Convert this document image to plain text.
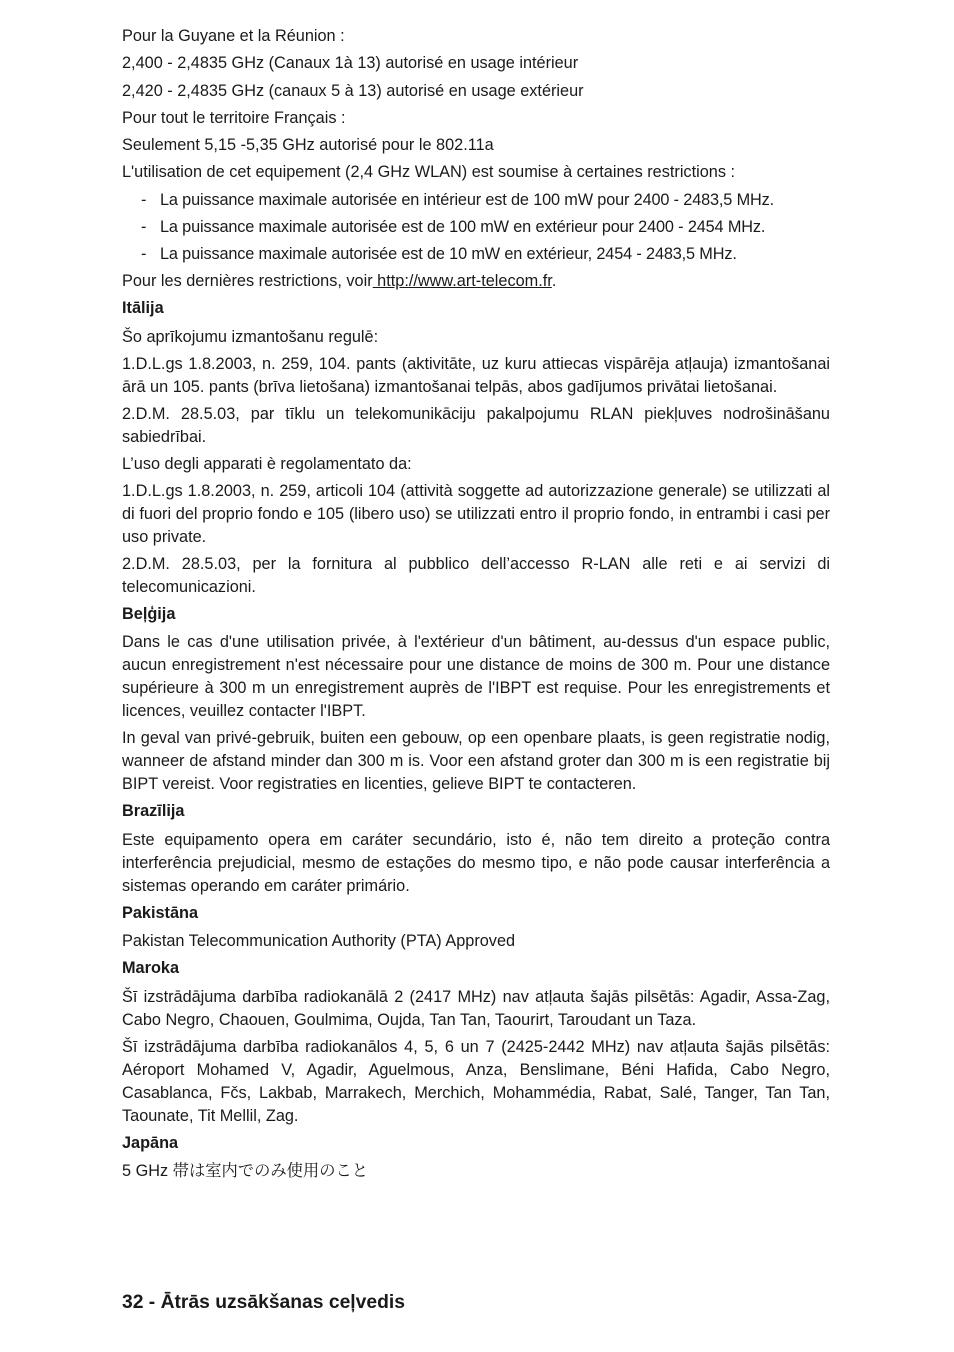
Pour la Guyane et la Réunion :

2,400 - 2,4835 GHz (Canaux 1à 13) autorisé en usage intérieur

2,420 - 2,4835 GHz (canaux 5 à 13) autorisé en usage extérieur

Pour tout le territoire Français :

Seulement 5,15 -5,35 GHz autorisé pour le 802.11a

L'utilisation de cet equipement (2,4 GHz WLAN) est soumise à certaines restrictions :

- La puissance maximale autorisée en intérieur est de 100 mW pour 2400 - 2483,5 MHz.
- La puissance maximale autorisée est de 100 mW en extérieur pour 2400 - 2454 MHz.
- La puissance maximale autorisée est de 10 mW en extérieur, 2454 - 2483,5 MHz.

Pour les dernières restrictions, voir http://www.art-telecom.fr.

Itālija

Šo aprīkojumu izmantošanu regulē:

1.D.L.gs 1.8.2003, n. 259, 104. pants (aktivitāte, uz kuru attiecas vispārēja atļauja) izmantošanai ārā un 105. pants (brīva lietošana) izmantošanai telpās, abos gadījumos privātai lietošanai.

2.D.M. 28.5.03, par tīklu un telekomunikāciju pakalpojumu RLAN piekļuves nodrošināšanu sabiedrībai.

L’uso degli apparati è regolamentato da:

1.D.L.gs 1.8.2003, n. 259, articoli 104 (attività soggette ad autorizzazione generale) se utilizzati al di fuori del proprio fondo e 105 (libero uso) se utilizzati entro il proprio fondo, in entrambi i casi per uso private.

2.D.M. 28.5.03, per la fornitura al pubblico dell’accesso R-LAN alle reti e ai servizi di telecomunicazioni.

Beļģija

Dans le cas d'une utilisation privée, à l'extérieur d'un bâtiment, au-dessus d'un espace public, aucun enregistrement n'est nécessaire pour une distance de moins de 300 m. Pour une distance supérieure à 300 m un enregistrement auprès de l'IBPT est requise. Pour les enregistrements et licences, veuillez contacter l'IBPT.

In geval van privé-gebruik, buiten een gebouw, op een openbare plaats, is geen registratie nodig, wanneer de afstand minder dan 300 m is. Voor een afstand groter dan 300 m is een registratie bij BIPT vereist. Voor registraties en licenties, gelieve BIPT te contacteren.

Brazīlija

Este equipamento opera em caráter secundário, isto é, não tem direito a proteção contra interferência prejudicial, mesmo de estações do mesmo tipo, e não pode causar interferência a sistemas operando em caráter primário.

Pakistāna

Pakistan Telecommunication Authority (PTA) Approved

Maroka

Šī izstrādājuma darbība radiokanālā 2 (2417 MHz) nav atļauta šajās pilsētās: Agadir, Assa-Zag, Cabo Negro, Chaouen, Goulmima, Oujda, Tan Tan, Taourirt, Taroudant un Taza.

Šī izstrādājuma darbība radiokanālos 4, 5, 6 un 7 (2425-2442 MHz) nav atļauta šajās pilsētās: Aéroport Mohamed V, Agadir, Aguelmous, Anza, Benslimane, Béni Hafida, Cabo Negro, Casablanca, Fčs, Lakbab, Marrakech, Merchich, Mohammédia, Rabat, Salé, Tanger, Tan Tan, Taounate, Tit Mellil, Zag.

Japāna

5 GHz 帯は室内でのみ使用のこと

32 - Ātrās uzsākšanas ceļvedis
